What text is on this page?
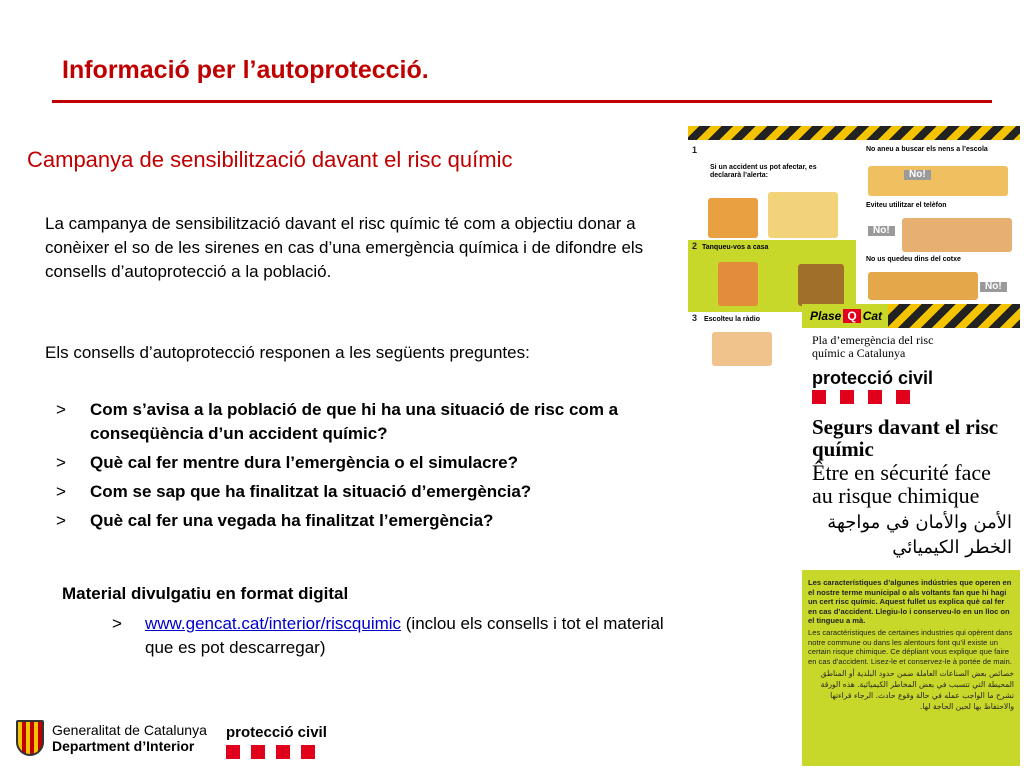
Informació per l’autoprotecció.
Campanya de sensibilització davant el risc químic

La campanya de sensibilització davant el risc químic té com a objectiu donar a conèixer el so de les sirenes en cas d’una emergència química i de difondre els consells d’autoprotecció a la població.

Els consells d’autoprotecció responen a les següents preguntes:

> Com s’avisa a la població de que hi ha una situació de risc com a conseqüència d’un accident químic?
> Què cal fer mentre dura l’emergència o el simulacre?
> Com se sap que ha finalitzat la situació d’emergència?
> Què cal fer una vegada ha finalitzat l’emergència?
Material divulgatiu en format digital
> www.gencat.cat/interior/riscquimic (inclou els consells i tot el material que es pot descarregar)
Generalitat de Catalunya
Department d’Interior
protecció civil
1
Si un accident us pot afectar, es declararà l’alerta:
2 Tanqueu-vos a casa
3 Escolteu la ràdio
No aneu a buscar els nens a l’escola
No!
Eviteu utilitzar el telèfon
No!
No us quedeu dins del cotxe
No!
Plase Q Cat
Pla d’emergència del risc químic a Catalunya
protecció civil
Segurs davant el risc químic
Être en sécurité face au risque chimique
الأمن والأمان في مواجهة الخطر الكيميائي

Les característiques d’algunes indústries que operen en el nostre terme municipal o als voltants fan que hi hagi un cert risc químic. Aquest fullet us explica què cal fer en cas d’accident. Llegiu-lo i conserveu-lo en un lloc on el tingueu a mà.

Les caractéristiques de certaines industries qui opèrent dans notre commune ou dans les alentours font qu’il existe un certain risque chimique. Ce dépliant vous explique que faire en cas d’accident. Lisez-le et conservez-le à portée de main.

خصائص بعض الصناعات العاملة ضمن حدود البلدية أو المناطق المحيطة التي تتسبب في بعض المخاطر الكيميائية. هذه الورقة تشرح ما الواجب عمله في حالة وقوع حادث. الرجاء قراءتها والاحتفاظ بها لحين الحاجة لها.
